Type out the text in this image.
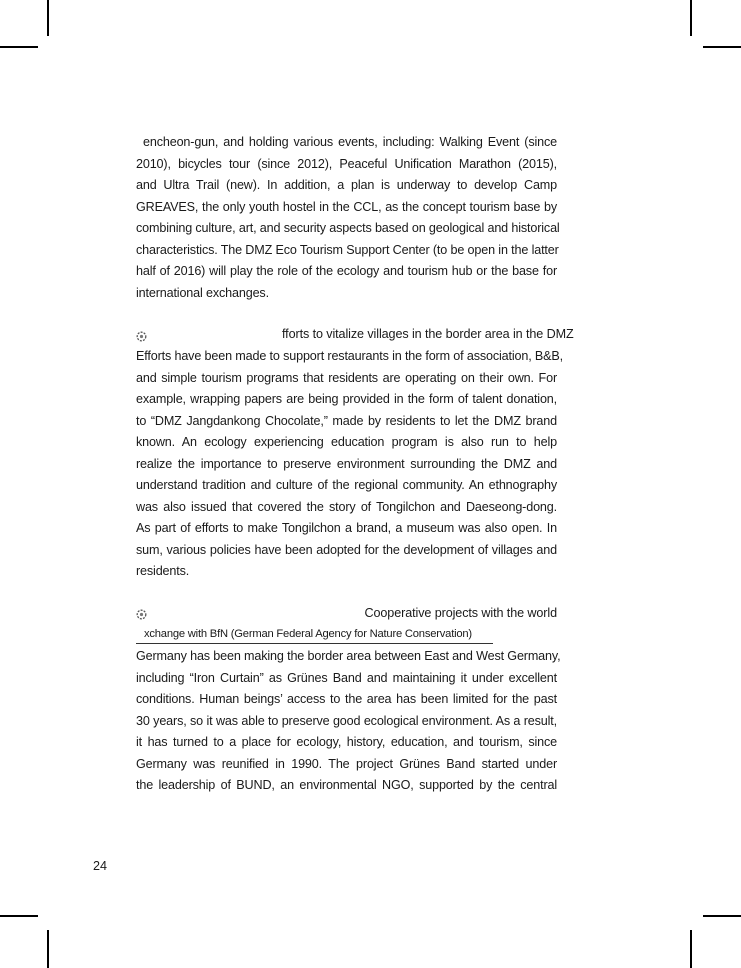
encheon-gun, and holding various events, including: Walking Event (since
2010), bicycles tour (since 2012), Peaceful Unification Marathon (2015),
and Ultra Trail (new). In addition, a plan is underway to develop Camp
GREAVES, the only youth hostel in the CCL, as the concept tourism base by
combining culture, art, and security aspects based on geological and historical
characteristics. The DMZ Eco Tourism Support Center (to be open in the latter
half of 2016) will play the role of the ecology and tourism hub or the base for
international exchanges.
fforts to vitalize villages in the border area in the DMZ
Efforts have been made to support restaurants in the form of association, B&B,
and simple tourism programs that residents are operating on their own. For
example, wrapping papers are being provided in the form of talent donation,
to “DMZ Jangdankong Chocolate,” made by residents to let the DMZ brand
known. An ecology experiencing education program is also run to help
realize the importance to preserve environment surrounding the DMZ and
understand tradition and culture of the regional community. An ethnography
was also issued that covered the story of Tongilchon and Daeseong-dong.
As part of efforts to make Tongilchon a brand, a museum was also open. In
sum, various policies have been adopted for the development of villages and
residents.
Cooperative projects with the world
xchange with BfN (German Federal Agency for Nature Conservation)
Germany has been making the border area between East and West Germany,
including “Iron Curtain” as Grünes Band and maintaining it under excellent
conditions. Human beings’ access to the area has been limited for the past
30 years, so it was able to preserve good ecological environment. As a result,
it has turned to a place for ecology, history, education, and tourism, since
Germany was reunified in 1990. The project Grünes Band started under
the leadership of BUND, an environmental NGO, supported by the central
24
